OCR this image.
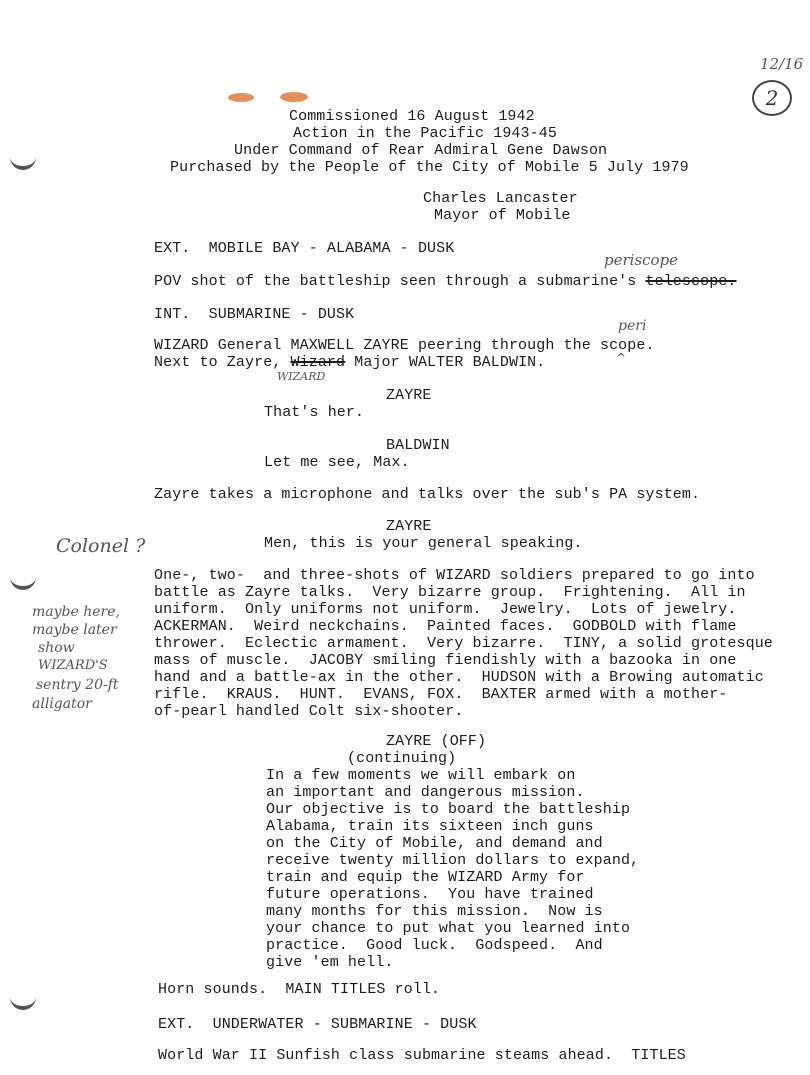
12/16
2
Commissioned 16 August 1942
Action in the Pacific 1943-45
Under Command of Rear Admiral Gene Dawson
Purchased by the People of the City of Mobile 5 July 1979
Charles Lancaster
Mayor of Mobile
EXT.  MOBILE BAY - ALABAMA - DUSK
periscope
POV shot of the battleship seen through a submarine's telescope.
INT.  SUBMARINE - DUSK
peri
WIZARD General MAXWELL ZAYRE peering through the scope.
^
Next to Zayre, Wizard Major WALTER BALDWIN.
WIZARD
ZAYRE
That's her.
BALDWIN
Let me see, Max.
Zayre takes a microphone and talks over the sub's PA system.
ZAYRE
Men, this is your general speaking.
Colonel ?
One-, two-  and three-shots of WIZARD soldiers prepared to go into
battle as Zayre talks.  Very bizarre group.  Frightening.  All in
uniform.  Only uniforms not uniform.  Jewelry.  Lots of jewelry.
ACKERMAN.  Weird neckchains.  Painted faces.  GODBOLD with flame
thrower.  Eclectic armament.  Very bizarre.  TINY, a solid grotesque
mass of muscle.  JACOBY smiling fiendishly with a bazooka in one
hand and a battle-ax in the other.  HUDSON with a Browing automatic
rifle.  KRAUS.  HUNT.  EVANS, FOX.  BAXTER armed with a mother-
of-pearl handled Colt six-shooter.
maybe here,
maybe later
show
WIZARD'S
sentry 20-ft
alligator
ZAYRE (OFF)
(continuing)
In a few moments we will embark on
an important and dangerous mission.
Our objective is to board the battleship
Alabama, train its sixteen inch guns
on the City of Mobile, and demand and
receive twenty million dollars to expand,
train and equip the WIZARD Army for
future operations.  You have trained
many months for this mission.  Now is
your chance to put what you learned into
practice.  Good luck.  Godspeed.  And
give 'em hell.
Horn sounds.  MAIN TITLES roll.
EXT.  UNDERWATER - SUBMARINE - DUSK
World War II Sunfish class submarine steams ahead.  TITLES
